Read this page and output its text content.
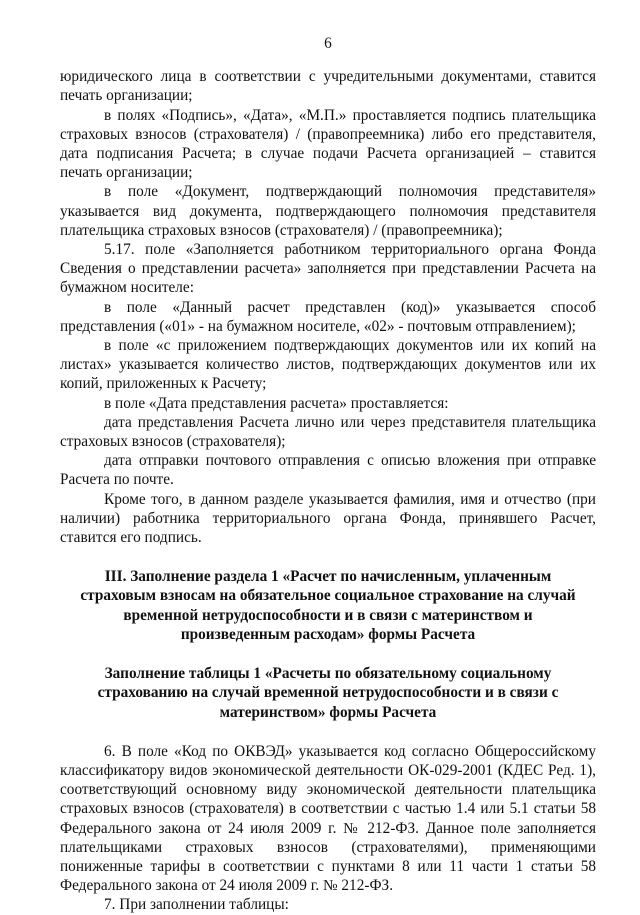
6

юридического лица в соответствии с учредительными документами, ставится печать организации;

в полях «Подпись», «Дата», «М.П.» проставляется подпись плательщика страховых взносов (страхователя) / (правопреемника) либо его представителя, дата подписания Расчета; в случае подачи Расчета организацией – ставится печать организации;

в поле «Документ, подтверждающий полномочия представителя» указывается вид документа, подтверждающего полномочия представителя плательщика страховых взносов (страхователя) / (правопреемника);

5.17. поле «Заполняется работником территориального органа Фонда Сведения о представлении расчета» заполняется при представлении Расчета на бумажном носителе:

в поле «Данный расчет представлен (код)» указывается способ представления («01» - на бумажном носителе, «02» - почтовым отправлением);

в поле «с приложением подтверждающих документов или их копий на листах» указывается количество листов, подтверждающих документов или их копий, приложенных к Расчету;

в поле «Дата представления расчета» проставляется:

дата представления Расчета лично или через представителя плательщика страховых взносов (страхователя);

дата отправки почтового отправления с описью вложения при отправке Расчета по почте.

Кроме того, в данном разделе указывается фамилия, имя и отчество (при наличии) работника территориального органа Фонда, принявшего Расчет, ставится его подпись.

III. Заполнение раздела 1 «Расчет по начисленным, уплаченным страховым взносам на обязательное социальное страхование на случай временной нетрудоспособности и в связи с материнством и произведенным расходам» формы Расчета
Заполнение таблицы 1 «Расчеты по обязательному социальному страхованию на случай временной нетрудоспособности и в связи с материнством» формы Расчета

6. В поле «Код по ОКВЭД» указывается код согласно Общероссийскому классификатору видов экономической деятельности ОК-029-2001 (КДЕС Ред. 1), соответствующий основному виду экономической деятельности плательщика страховых взносов (страхователя) в соответствии с частью 1.4 или 5.1 статьи 58 Федерального закона от 24 июля 2009 г. № 212-ФЗ. Данное поле заполняется плательщиками страховых взносов (страхователями), применяющими пониженные тарифы в соответствии с пунктами 8 или 11 части 1 статьи 58 Федерального закона от 24 июля 2009 г. № 212-ФЗ.

7. При заполнении таблицы:
